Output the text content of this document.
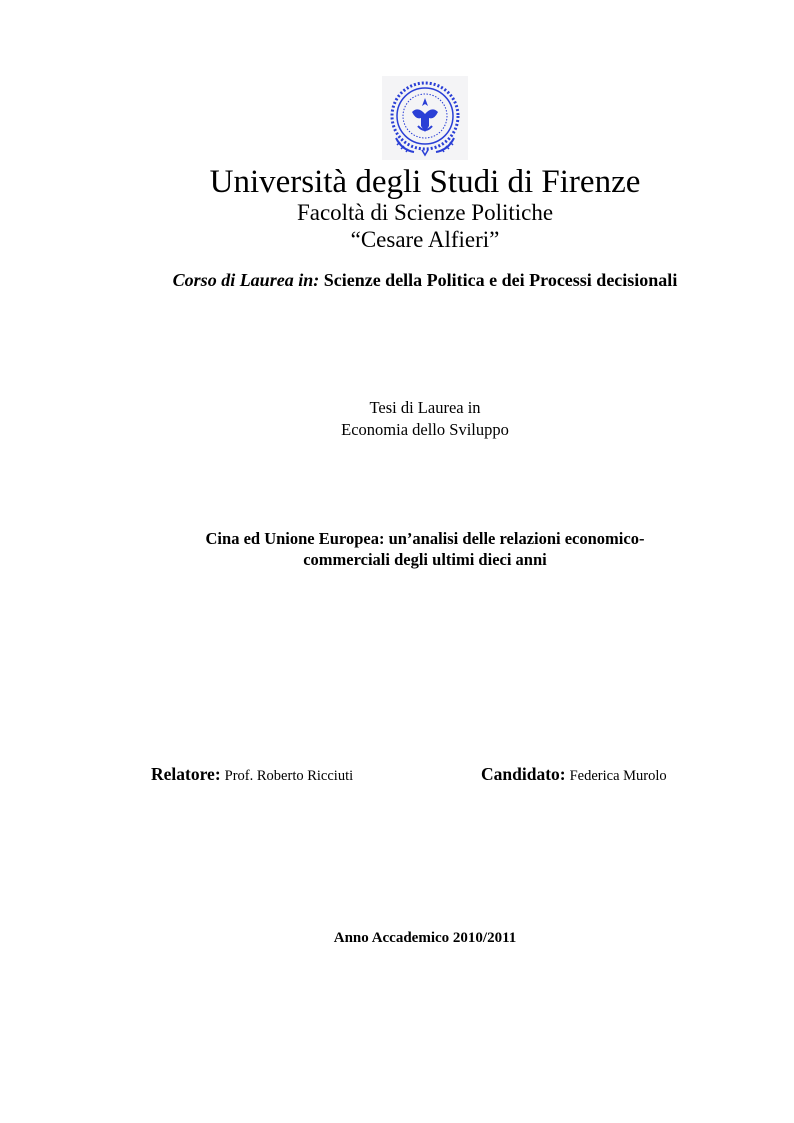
Università degli Studi di Firenze
Facoltà di Scienze Politiche
“Cesare Alfieri”
Corso di Laurea in: Scienze della Politica e dei Processi decisionali
Tesi di Laurea in
Economia dello Sviluppo
Cina ed Unione Europea: un’analisi delle relazioni economico-
commerciali degli ultimi dieci anni
Relatore: Prof. Roberto Ricciuti	Candidato: Federica Murolo
Anno Accademico 2010/2011
